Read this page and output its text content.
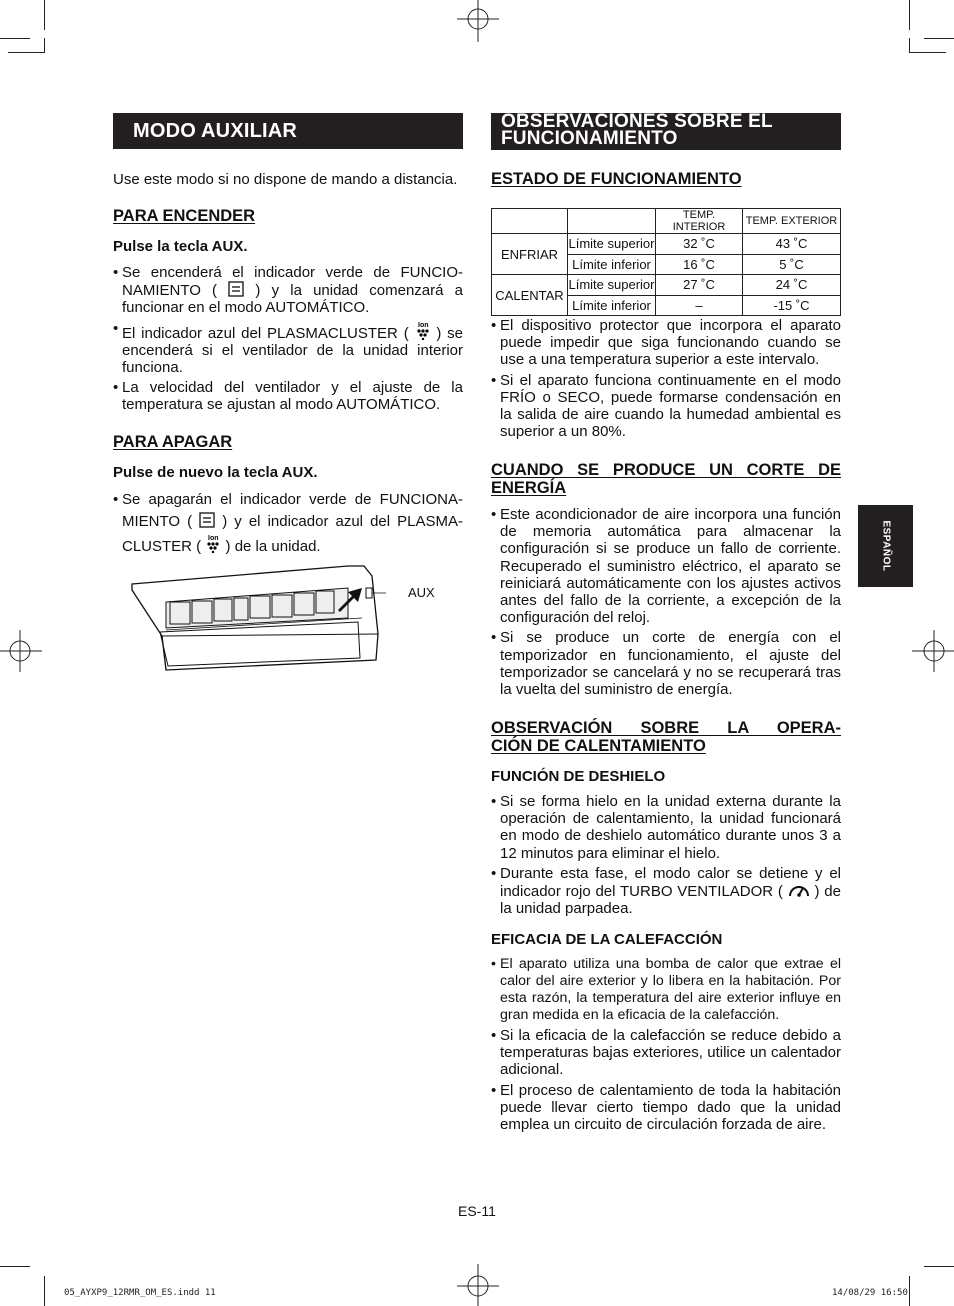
MODO AUXILIAR
Use este modo si no dispone de mando a distancia.
PARA ENCENDER
Pulse la tecla AUX.
• Se encenderá el indicador verde de FUNCIO-NAMIENTO (	) y la unidad comenzará a funcionar en el modo AUTOMÁTICO.
• El indicador azul del PLASMACLUSTER ( Ion ) se encenderá si el ventilador de la unidad interior funciona.
• La velocidad del ventilador y el ajuste de la temperatura se ajustan al modo AUTOMÁTICO.
PARA APAGAR
Pulse de nuevo la tecla AUX.
• Se apagarán el indicador verde de FUNCIONA-MIENTO ( ) y el indicador azul del PLASMA-CLUSTER ( Ion ) de la unidad.
AUX
OBSERVACIONES SOBRE EL
FUNCIONAMIENTO
ESTADO DE FUNCIONAMIENTO
		TEMP. INTERIOR	TEMP. EXTERIOR
ENFRIAR	Límite superior	32 ˚C	43 ˚C
	Límite inferior	16 ˚C	5 ˚C
CALENTAR	Límite superior	27 ˚C	24 ˚C
	Límite inferior	–	-15 ˚C
• El dispositivo protector que incorpora el aparato puede impedir que siga funcionando cuando se use a una temperatura superior a este intervalo.
• Si el aparato funciona continuamente en el modo FRÍO o SECO, puede formarse condensación en la salida de aire cuando la humedad ambiental es superior a un 80%.
CUANDO SE PRODUCE UN CORTE DE
ENERGÍA
• Este acondicionador de aire incorpora una función de memoria automática para almacenar la configuración si se produce un fallo de corriente. Recuperado el suministro eléctrico, el aparato se reiniciará automáticamente con los ajustes activos antes del fallo de la corriente, a excepción de la configuración del reloj.
• Si se produce un corte de energía con el temporizador en funcionamiento, el ajuste del temporizador se cancelará y no se recuperará tras la vuelta del suministro de energía.
OBSERVACIÓN SOBRE LA OPERA-
CIÓN DE CALENTAMIENTO
FUNCIÓN DE DESHIELO
• Si se forma hielo en la unidad externa durante la operación de calentamiento, la unidad funcionará en modo de deshielo automático durante unos 3 a 12 minutos para eliminar el hielo.
• Durante esta fase, el modo calor se detiene y el indicador rojo del TURBO VENTILADOR ( ) de la unidad parpadea.
EFICACIA DE LA CALEFACCIÓN
• El aparato utiliza una bomba de calor que extrae el calor del aire exterior y lo libera en la habitación. Por esta razón, la temperatura del aire exterior influye en gran medida en la eficacia de la calefacción.
• Si la eficacia de la calefacción se reduce debido a temperaturas bajas exteriores, utilice un calentador adicional.
• El proceso de calentamiento de toda la habitación puede llevar cierto tiempo dado que la unidad emplea un circuito de circulación forzada de aire.
ESPAÑOL
ES-11
05_AYXP9_12RMR_OM_ES.indd 11	14/08/29 16:50
